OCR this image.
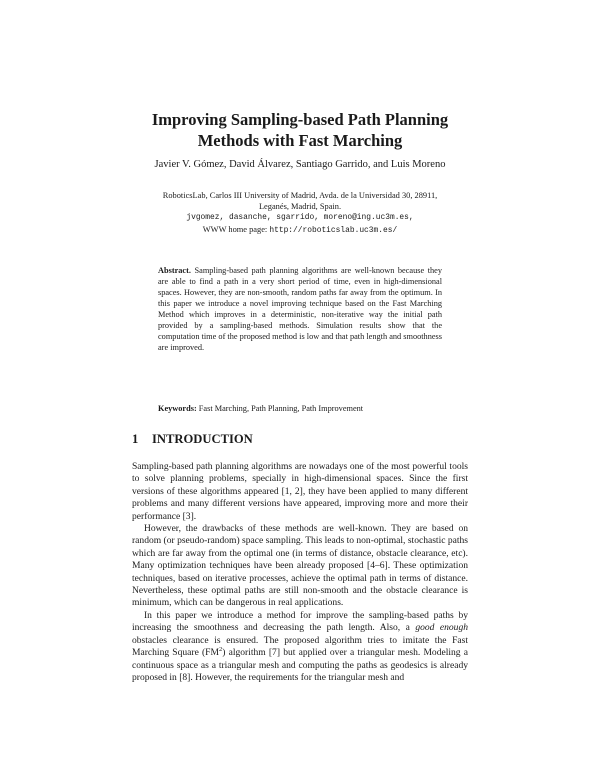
Improving Sampling-based Path Planning
Methods with Fast Marching
Javier V. Gómez, David Álvarez, Santiago Garrido, and Luis Moreno
RoboticsLab, Carlos III University of Madrid, Avda. de la Universidad 30, 28911,
Leganés, Madrid, Spain.
jvgomez, dasanche, sgarrido, moreno@ing.uc3m.es,
WWW home page: http://roboticslab.uc3m.es/
Abstract. Sampling-based path planning algorithms are well-known because they are able to find a path in a very short period of time, even in high-dimensional spaces. However, they are non-smooth, random paths far away from the optimum. In this paper we introduce a novel improving technique based on the Fast Marching Method which improves in a deterministic, non-iterative way the initial path provided by a sampling-based methods. Simulation results show that the computation time of the proposed method is low and that path length and smoothness are improved.
Keywords: Fast Marching, Path Planning, Path Improvement
1 INTRODUCTION

Sampling-based path planning algorithms are nowadays one of the most powerful tools to solve planning problems, specially in high-dimensional spaces. Since the first versions of these algorithms appeared [1, 2], they have been applied to many different problems and many different versions have appeared, improving more and more their performance [3].

However, the drawbacks of these methods are well-known. They are based on random (or pseudo-random) space sampling. This leads to non-optimal, stochastic paths which are far away from the optimal one (in terms of distance, obstacle clearance, etc). Many optimization techniques have been already proposed [4–6]. These optimization techniques, based on iterative processes, achieve the optimal path in terms of distance. Nevertheless, these optimal paths are still non-smooth and the obstacle clearance is minimum, which can be dangerous in real applications.

In this paper we introduce a method for improve the sampling-based paths by increasing the smoothness and decreasing the path length. Also, a good enough obstacles clearance is ensured. The proposed algorithm tries to imitate the Fast Marching Square $(FM^2)$ algorithm [7] but applied over a triangular mesh. Modeling a continuous space as a triangular mesh and computing the paths as geodesics is already proposed in [8]. However, the requirements for the triangular mesh and
